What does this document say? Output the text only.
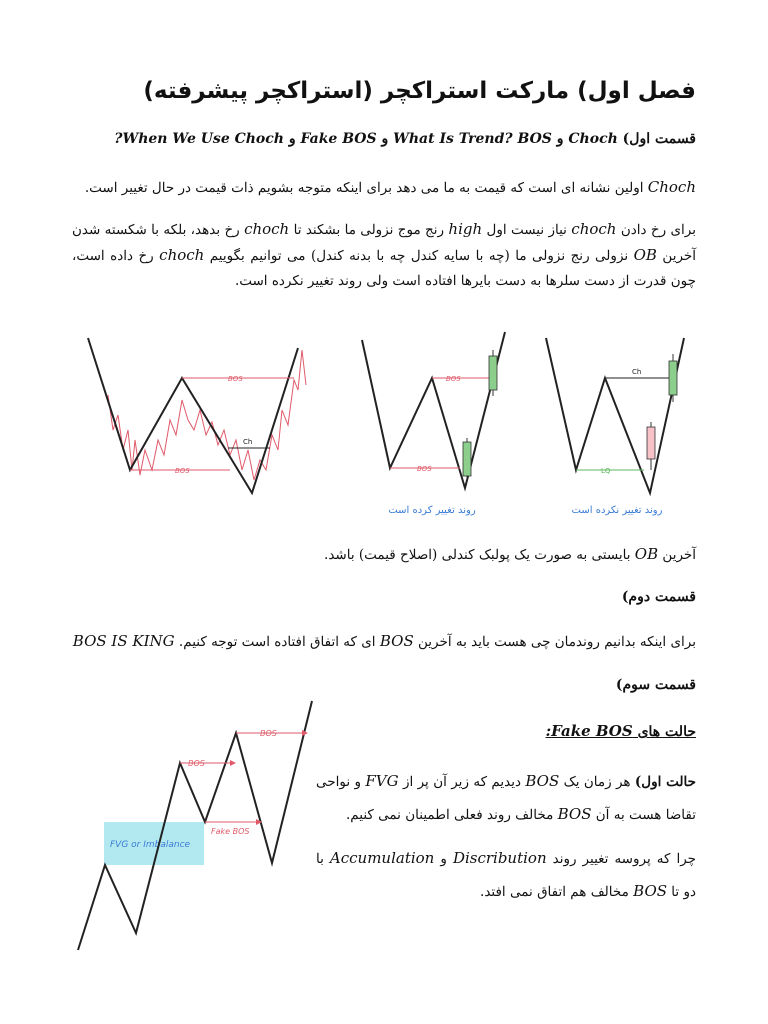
فصل اول) مارکت استراکچر (استراکچر پیشرفته)
قسمت اول) Choch و What Is Trend? BOS و Fake BOS و When We Use Choch?
Choch اولین نشانه ای است که قیمت به ما می دهد برای اینکه متوجه بشویم ذات قیمت در حال تغییر است.
برای رخ دادن choch نیاز نیست اول high رنج موج نزولی ما بشکند تا choch رخ بدهد، بلکه با شکسته شدن آخرین OB نزولی رنج نزولی ما (چه با سایه کندل چه با بدنه کندل) می توانیم بگوییم choch رخ داده است، چون قدرت از دست سلرها به دست بایرها افتاده است ولی روند تغییر نکرده است.
BOS
BOS
Ch
BOS
BOS
روند تغییر کرده است
Ch
LQ
روند تغییر نکرده است
آخرین OB بایستی به صورت یک پولبک کندلی (اصلاح قیمت) باشد.
قسمت دوم)
برای اینکه بدانیم روندمان چی هست باید به آخرین BOS ای که اتفاق افتاده است توجه کنیم. BOS IS KING
قسمت سوم)
حالت های Fake BOS:
حالت اول) هر زمان یک BOS دیدیم که زیر آن پر از FVG و نواحی تقاضا هست به آن BOS مخالف روند فعلی اطمینان نمی کنیم.
چرا که پروسه تغییر روند Discribution و Accumulation با دو تا BOS مخالف هم اتفاق نمی افتد.
FVG or Imbalance
BOS
BOS
Fake BOS
